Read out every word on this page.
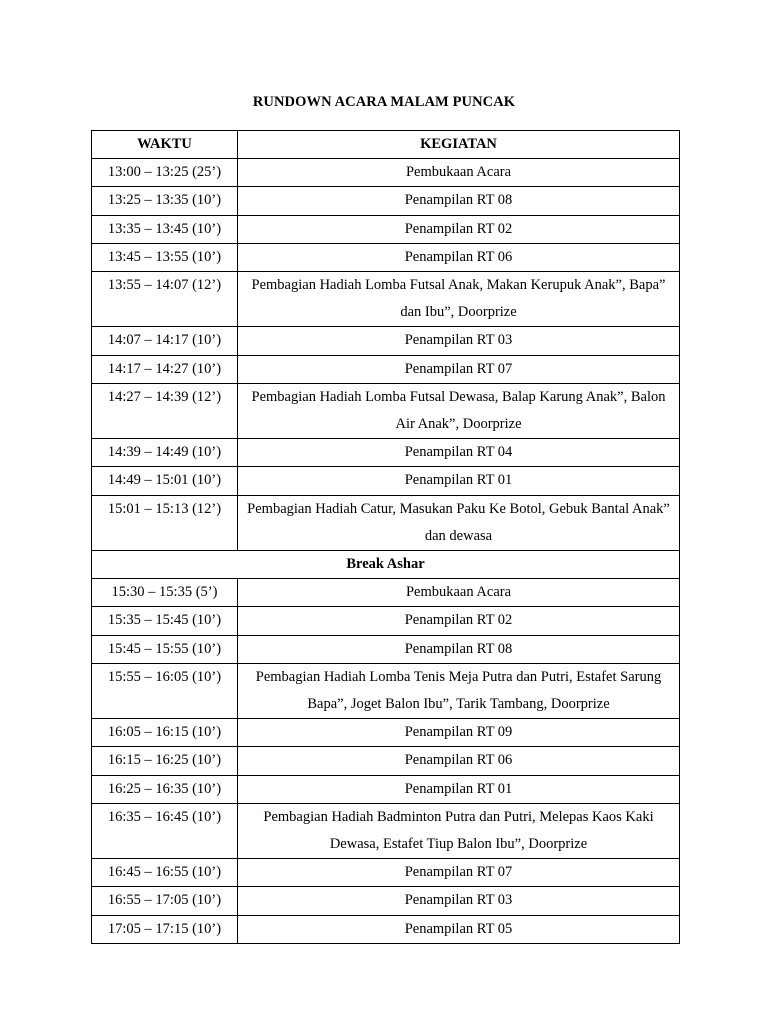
RUNDOWN ACARA MALAM PUNCAK
WAKTU	KEGIATAN
13:00 – 13:25 (25’)	Pembukaan Acara
13:25 – 13:35 (10’)	Penampilan RT 08
13:35 – 13:45 (10’)	Penampilan RT 02
13:45 – 13:55 (10’)	Penampilan RT 06
13:55 – 14:07 (12’)	Pembagian Hadiah Lomba Futsal Anak, Makan Kerupuk Anak”, Bapa” dan Ibu”, Doorprize
14:07 – 14:17 (10’)	Penampilan RT 03
14:17 – 14:27 (10’)	Penampilan RT 07
14:27 – 14:39 (12’)	Pembagian Hadiah Lomba Futsal Dewasa, Balap Karung Anak”, Balon Air Anak”, Doorprize
14:39 – 14:49 (10’)	Penampilan RT 04
14:49 – 15:01 (10’)	Penampilan RT 01
15:01 – 15:13 (12’)	Pembagian Hadiah Catur, Masukan Paku Ke Botol, Gebuk Bantal Anak” dan dewasa
Break Ashar	
15:30 – 15:35 (5’)	Pembukaan Acara
15:35 – 15:45 (10’)	Penampilan RT 02
15:45 – 15:55 (10’)	Penampilan RT 08
15:55 – 16:05 (10’)	Pembagian Hadiah Lomba Tenis Meja Putra dan Putri, Estafet Sarung Bapa”, Joget Balon Ibu”, Tarik Tambang, Doorprize
16:05 – 16:15 (10’)	Penampilan RT 09
16:15 – 16:25 (10’)	Penampilan RT 06
16:25 – 16:35 (10’)	Penampilan RT 01
16:35 – 16:45 (10’)	Pembagian Hadiah Badminton Putra dan Putri, Melepas Kaos Kaki Dewasa, Estafet Tiup Balon Ibu”, Doorprize
16:45 – 16:55 (10’)	Penampilan RT 07
16:55 – 17:05 (10’)	Penampilan RT 03
17:05 – 17:15 (10’)	Penampilan RT 05
